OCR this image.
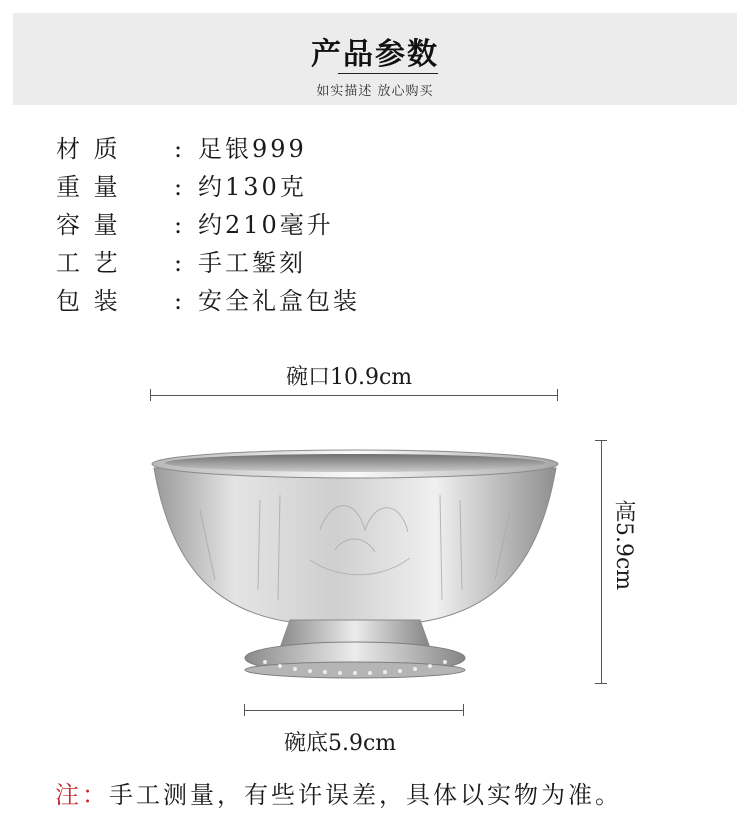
产品参数
如实描述 放心购买
材 质 : 足银999
重 量 : 约130克
容 量 : 约210毫升
工 艺 : 手工錾刻
包 装 : 安全礼盒包装
碗口10.9cm
高5.9cm
碗底5.9cm
注：手工测量，有些许误差，具体以实物为准。
